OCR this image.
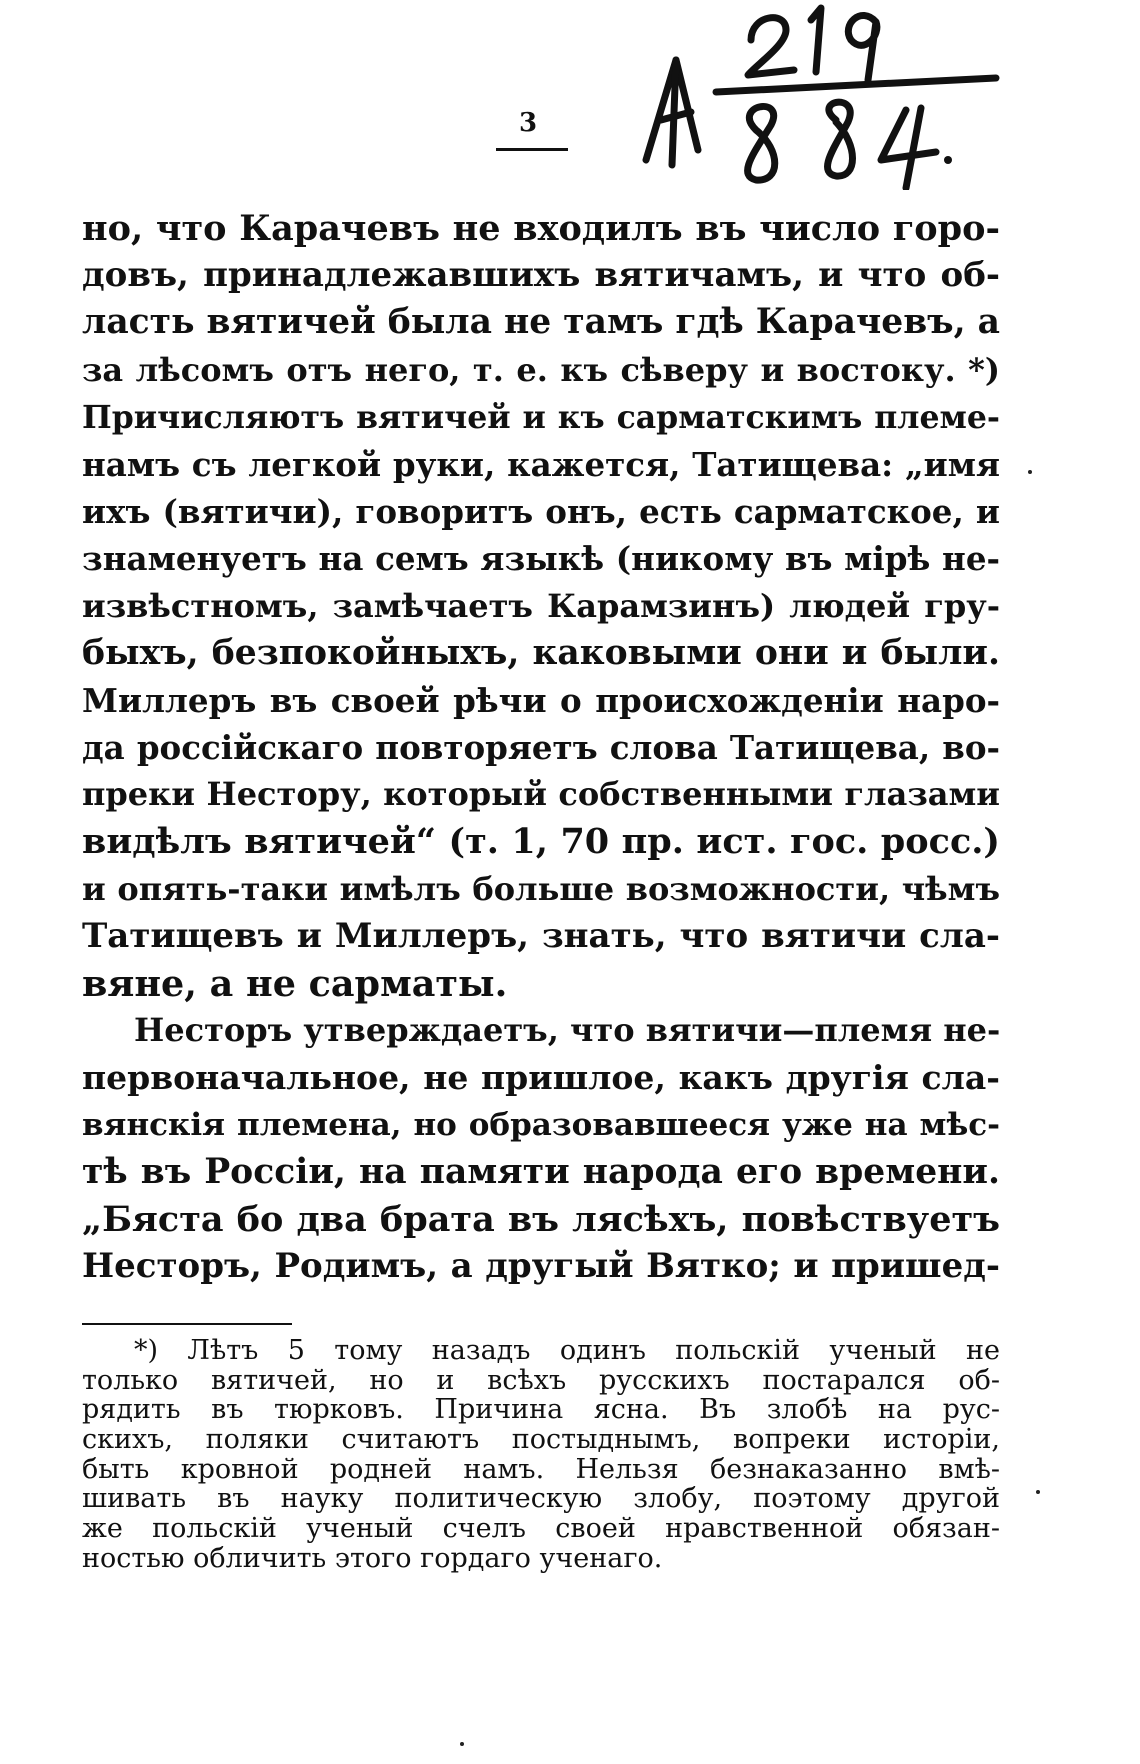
3
но, что Карачевъ не входилъ въ число горо-
довъ, принадлежавшихъ вятичамъ, и что об-
ласть вятичей была не тамъ гдѣ Карачевъ, а
за лѣсомъ отъ него, т. е. къ сѣверу и востоку. *)
Причисляютъ вятичей и къ сарматскимъ племе-
намъ съ легкой руки, кажется, Татищева: „имя
ихъ (вятичи), говоритъ онъ, есть сарматское, и
знаменуетъ на семъ языкѣ (никому въ мірѣ не-
извѣстномъ, замѣчаетъ Карамзинъ) людей гру-
быхъ, безпокойныхъ, каковыми они и были.
Миллеръ въ своей рѣчи о происхожденіи наро-
да россійскаго повторяетъ слова Татищева, во-
преки Нестору, который собственными глазами
видѣлъ вятичей“ (т. 1, 70 пр. ист. гос. росс.)
и опять-таки имѣлъ больше возможности, чѣмъ
Татищевъ и Миллеръ, знать, что вятичи сла-
вяне, а не сарматы.
Несторъ утверждаетъ, что вятичи—племя не-
первоначальное, не пришлое, какъ другія сла-
вянскія племена, но образовавшееся уже на мѣс-
тѣ въ Россіи, на памяти народа его времени.
„Бяста бо два брата въ лясѣхъ, повѣствуетъ
Несторъ, Родимъ, а другый Вятко; и пришед-
*) Лѣтъ 5 тому назадъ одинъ польскій ученый не
только вятичей, но и всѣхъ русскихъ постарался об-
рядить въ тюрковъ. Причина ясна. Въ злобѣ на рус-
скихъ, поляки считаютъ постыднымъ, вопреки исторіи,
быть кровной родней намъ. Нельзя безнаказанно вмѣ-
шивать въ науку политическую злобу, поэтому другой
же польскій ученый счелъ своей нравственной обязан-
ностью обличить этого гордаго ученаго.
